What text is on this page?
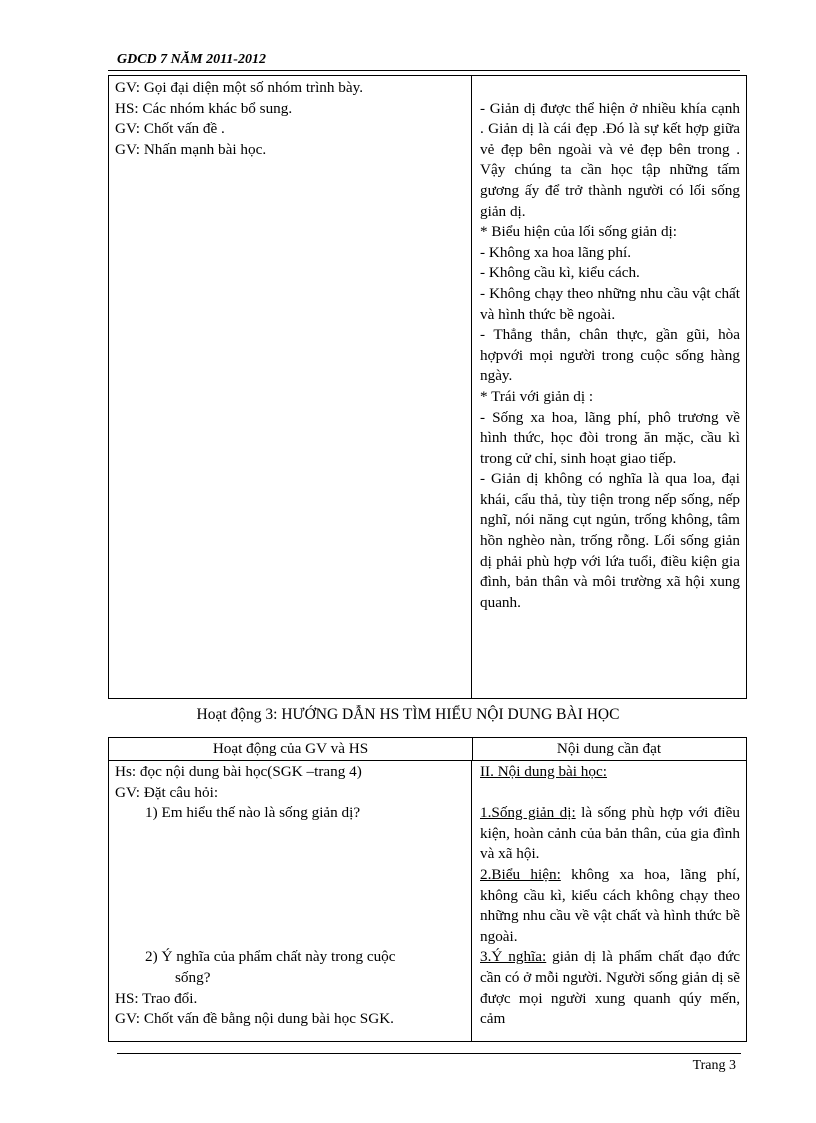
GDCD 7 NĂM 2011-2012
GV: Gọi đại diện một số nhóm trình bày.
HS: Các nhóm khác bổ sung.
GV: Chốt vấn đề .
GV: Nhấn mạnh bài học.
- Giản dị được thể hiện ở nhiều khía cạnh . Giản dị là cái đẹp .Đó là sự kết hợp giữa vẻ đẹp bên ngoài và vẻ đẹp bên trong . Vậy chúng ta cần học tập những tấm gương ấy để trở thành người có lối sống giản dị.
* Biểu hiện của lối sống giản dị:
- Không xa hoa lãng phí.
- Không cầu kì, kiểu cách.
- Không chạy theo những nhu cầu vật chất và hình thức bề ngoài.
- Thẳng thắn, chân thực, gần gũi, hòa hợpvới mọi người trong cuộc sống hàng ngày.
* Trái với giản dị :
- Sống xa hoa, lãng phí, phô trương về hình thức, học đòi trong ăn mặc, cầu kì trong cử chỉ, sinh hoạt giao tiếp.
- Giản dị không có nghĩa là qua loa, đại khái, cẩu thả, tùy tiện trong nếp sống, nếp nghĩ, nói năng cụt ngủn, trống không, tâm hồn nghèo nàn, trống rỗng. Lối sống giản dị phải phù hợp với lứa tuổi, điều kiện gia đình, bản thân và môi trường xã hội xung quanh.
Hoạt động 3: HƯỚNG DẪN HS TÌM HIỂU NỘI DUNG BÀI HỌC
Hoạt động của GV và HS	Nội dung cần đạt
Hs: đọc nội dung bài học(SGK –trang 4)
GV: Đặt câu hỏi:
1) Em hiểu thế nào là sống giản dị?
2) Ý nghĩa của phẩm chất này trong cuộc
sống?
HS: Trao đổi.
GV: Chốt vấn đề bằng nội dung bài học SGK.
II. Nội dung bài học:
1.Sống giản dị: là sống phù hợp với điều kiện, hoàn cảnh của bản thân, của gia đình và xã hội.
2.Biểu hiện: không xa hoa, lãng phí, không cầu kì, kiểu cách không chạy theo những nhu cầu về vật chất và hình thức bề ngoài.
3.Ý nghĩa: giản dị là phẩm chất đạo đức cần có ở mỗi người. Người sống giản dị sẽ được mọi người xung quanh qúy mến, cảm
Trang 3
